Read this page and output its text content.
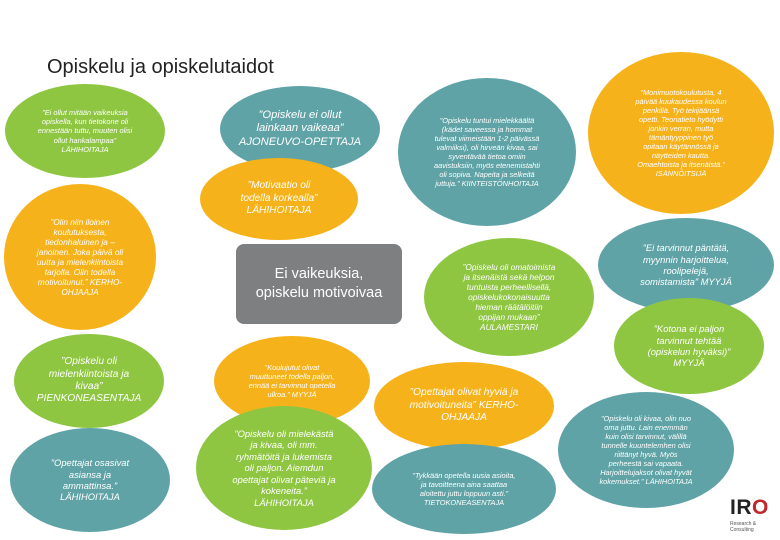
Opiskelu ja opiskelutaidot
”Ei ollut mitään vaikeuksia
opiskella, kun tietokone oli
ennestään tuttu, muuten olisi
ollut hankalampaa”
LÄHIHOITAJA
”Olin niin iloinen
koulutuksesta,
tiedonhaluinen ja –
janoinen. Joka päivä oli
uutta ja mielenkiintoista
tarjolla. Olin todella
motivoitunut.” KERHO-
OHJAAJA
”Opiskelu oli
mielenkiintoista ja
kivaa”
PIENKONEASENTAJA
”Opettajat osasivat
asiansa ja
ammattinsa.”
LÄHIHOITAJA
”Opiskelu ei ollut
lainkaan vaikeaa”
AJONEUVO-OPETTAJA
”Motivaatio oli
todella korkealla”
LÄHIHOITAJA
Ei vaikeuksia,
opiskelu motivoivaa
”Koulujutut olivat
muuttuneet todella paljon,
ennää ei tarvinnut opetella
ulkoa.” MYYJÄ
”Opiskelu oli mielekästä
ja kivaa, oli mm.
ryhmätöitä ja lukemista
oli paljon. Aiemdun
opettajat olivat päteviä ja
kokeneita.”
LÄHIHOITAJA
”Opiskelu tuntui mielekkäältä
(kädet saveessa ja hommat
tulevat viimeistään 1-2 päivässä
valmiiksi), oli hirveän kivaa, sai
syventävää tietoa omiin
aavistuksiin, myös etenemistahti
oli sopiva. Napeita ja selkeitä
juttuja.” KIINTEISTÖNHOITAJA
”Opiskelu oli omatoimista
ja itsenäistä sekä helpon
tuntuista perheellisellä,
opiskelukokonaisuutta
hieman räätälöitiin
oppijan mukaan”
AULAMESTARI
”Opettajat olivat hyviä ja
motivoituneita” KERHO-
OHJAAJA
”Tykkään opetella uusia asioita,
ja tavoitteena aina saattaa
aloitettu juttu loppuun asti.”
TIETOKONEASENTAJA
”Monimuotokoulutusta, 4
päivää kuukaudessa koulun
penkillä. Työ tekijäänsä
opetti. Teoriatieto hyödytti
jonkin verran, mutta
tämäntyyppinen työ
opitaan käytännössä ja
näytteiden kautta.
Omaehtoista ja itsenäistä.”
ISÄNNÖITSIJÄ
”Ei tarvinnut päntätä,
myynnin harjoittelua,
roolipelejä,
somistamista” MYYJÄ
”Kotona ei paljon
tarvinnut tehtää
(opiskelun hyväksi)”
MYYJÄ
”Opiskelu oli kivaa, olin nuo
oma juttu. Lain enemmän
kuin olisi tarvinnut, välillä
tunnelle kuuntelemhen olisi
riittänyt hyvä. Myös
perheestä sai vapaata.
Harjoittelujaksot olivat hyvät
kokemukset.” LÄHIHOITAJA
IRO
Research & Consulting
